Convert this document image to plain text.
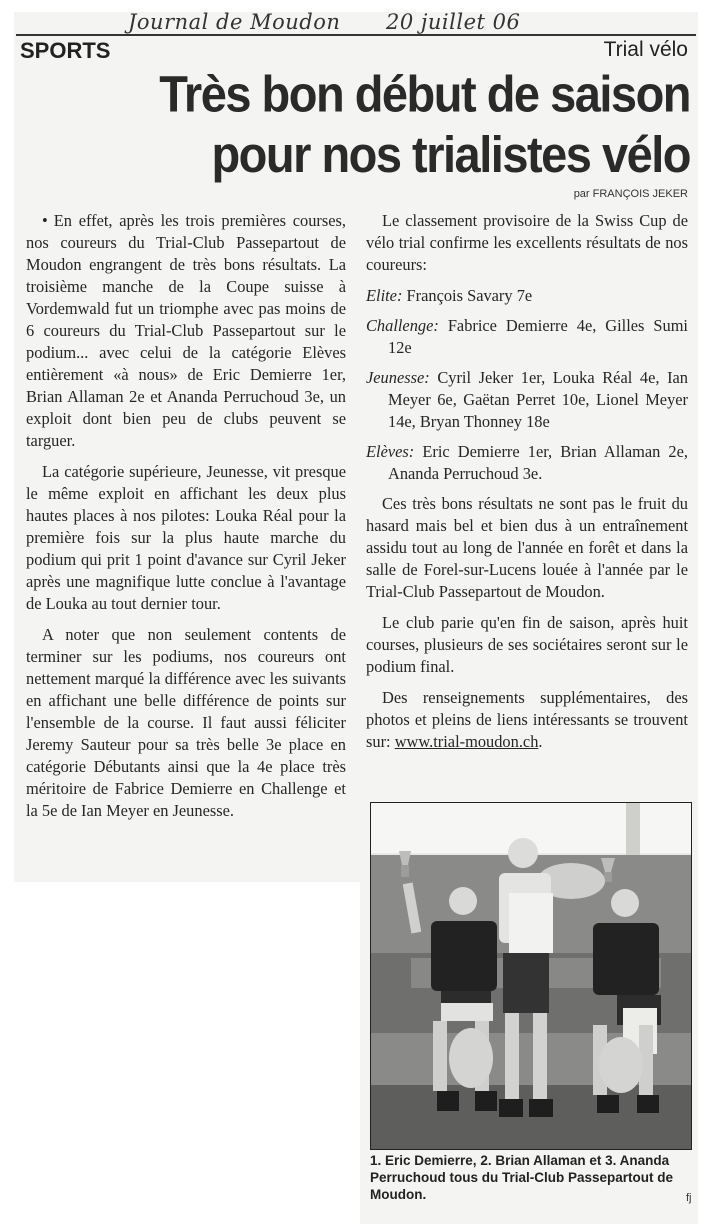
Journal de Moudon 20 juillet 06
SPORTS	Trial vélo
Très bon début de saison
pour nos trialistes vélo
par FRANÇOIS JEKER

• En effet, après les trois premières courses, nos coureurs du Trial-Club Passepartout de Moudon engrangent de très bons résultats. La troisième manche de la Coupe suisse à Vordemwald fut un triomphe avec pas moins de 6 coureurs du Trial-Club Passepartout sur le podium... avec celui de la catégorie Elèves entièrement «à nous» de Eric Demierre 1er, Brian Allaman 2e et Ananda Perruchoud 3e, un exploit dont bien peu de clubs peuvent se targuer.

La catégorie supérieure, Jeunesse, vit presque le même exploit en affichant les deux plus hautes places à nos pilotes: Louka Réal pour la première fois sur la plus haute marche du podium qui prit 1 point d'avance sur Cyril Jeker après une magnifique lutte conclue à l'avantage de Louka au tout dernier tour.

A noter que non seulement contents de terminer sur les podiums, nos coureurs ont nettement marqué la différence avec les suivants en affichant une belle différence de points sur l'ensemble de la course. Il faut aussi féliciter Jeremy Sauteur pour sa très belle 3e place en catégorie Débutants ainsi que la 4e place très méritoire de Fabrice Demierre en Challenge et la 5e de Ian Meyer en Jeunesse.

Le classement provisoire de la Swiss Cup de vélo trial confirme les excellents résultats de nos coureurs:

Elite: François Savary 7e
Challenge: Fabrice Demierre 4e, Gilles Sumi 12e
Jeunesse: Cyril Jeker 1er, Louka Réal 4e, Ian Meyer 6e, Gaëtan Perret 10e, Lionel Meyer 14e, Bryan Thonney 18e
Elèves: Eric Demierre 1er, Brian Allaman 2e, Ananda Perruchoud 3e.

Ces très bons résultats ne sont pas le fruit du hasard mais bel et bien dus à un entraînement assidu tout au long de l'année en forêt et dans la salle de Forel-sur-Lucens louée à l'année par le Trial-Club Passepartout de Moudon.

Le club parie qu'en fin de saison, après huit courses, plusieurs de ses sociétaires seront sur le podium final.

Des renseignements supplémentaires, des photos et pleins de liens intéressants se trouvent sur: www.trial-moudon.ch.

1. Eric Demierre, 2. Brian Allaman et 3. Ananda Perruchoud tous du Trial-Club Passepartout de Moudon.	fj
